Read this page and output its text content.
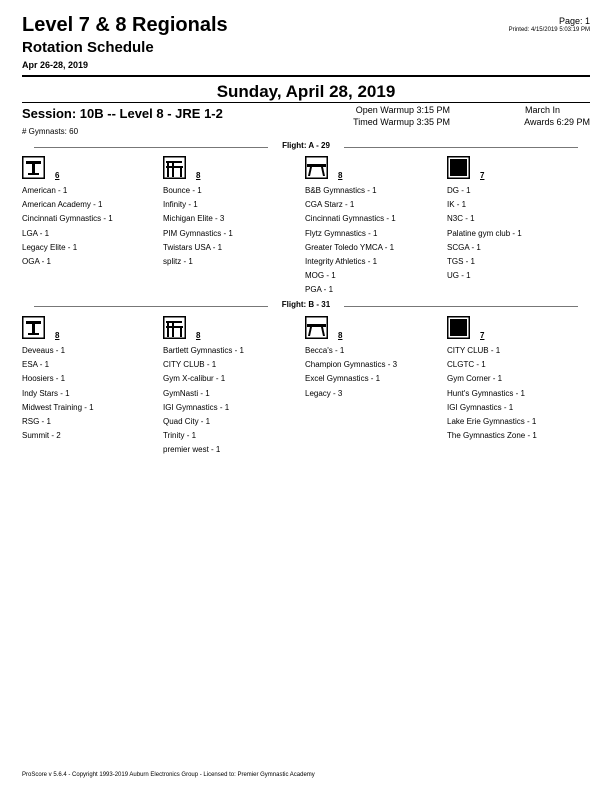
Level 7 & 8 Regionals
Rotation Schedule
Apr 26-28, 2019
Page: 1
Printed: 4/15/2019 5:03:19 PM
Sunday, April 28, 2019
Session: 10B -- Level 8 - JRE 1-2	Open Warmup 3:15 PM
Timed Warmup 3:35 PM
March In
Awards 6:29 PM
# Gymnasts: 60
Flight: A - 29
6
American - 1
American Academy - 1
Cincinnati Gymnastics - 1
LGA - 1
Legacy Elite - 1
OGA - 1
8
Bounce - 1
Infinity - 1
Michigan Elite - 3
PIM Gymnastics - 1
Twistars USA - 1
splitz - 1
8
B&B Gymnastics - 1
CGA Starz - 1
Cincinnati Gymnastics - 1
Flytz Gymnastics - 1
Greater Toledo YMCA - 1
Integrity Athletics - 1
MOG - 1
PGA - 1
7
DG - 1
IK - 1
N3C - 1
Palatine gym club - 1
SCGA - 1
TGS - 1
UG - 1
Flight: B - 31
8
Deveaus - 1
ESA - 1
Hoosiers - 1
Indy Stars - 1
Midwest Training - 1
RSG - 1
Summit - 2
8
Bartlett Gymnastics - 1
CITY CLUB - 1
Gym X-calibur - 1
GymNasti - 1
IGI Gymnastics - 1
Quad City - 1
Trinity - 1
premier west - 1
8
Becca's - 1
Champion Gymnastics - 3
Excel Gymnastics - 1
Legacy - 3
7
CITY CLUB - 1
CLGTC - 1
Gym Corner - 1
Hunt's Gymnastics - 1
IGI Gymnastics - 1
Lake Erie Gymnastics - 1
The Gymnastics Zone - 1
ProScore v 5.6.4 - Copyright 1993-2019 Auburn Electronics Group - Licensed to: Premier Gymnastic Academy
